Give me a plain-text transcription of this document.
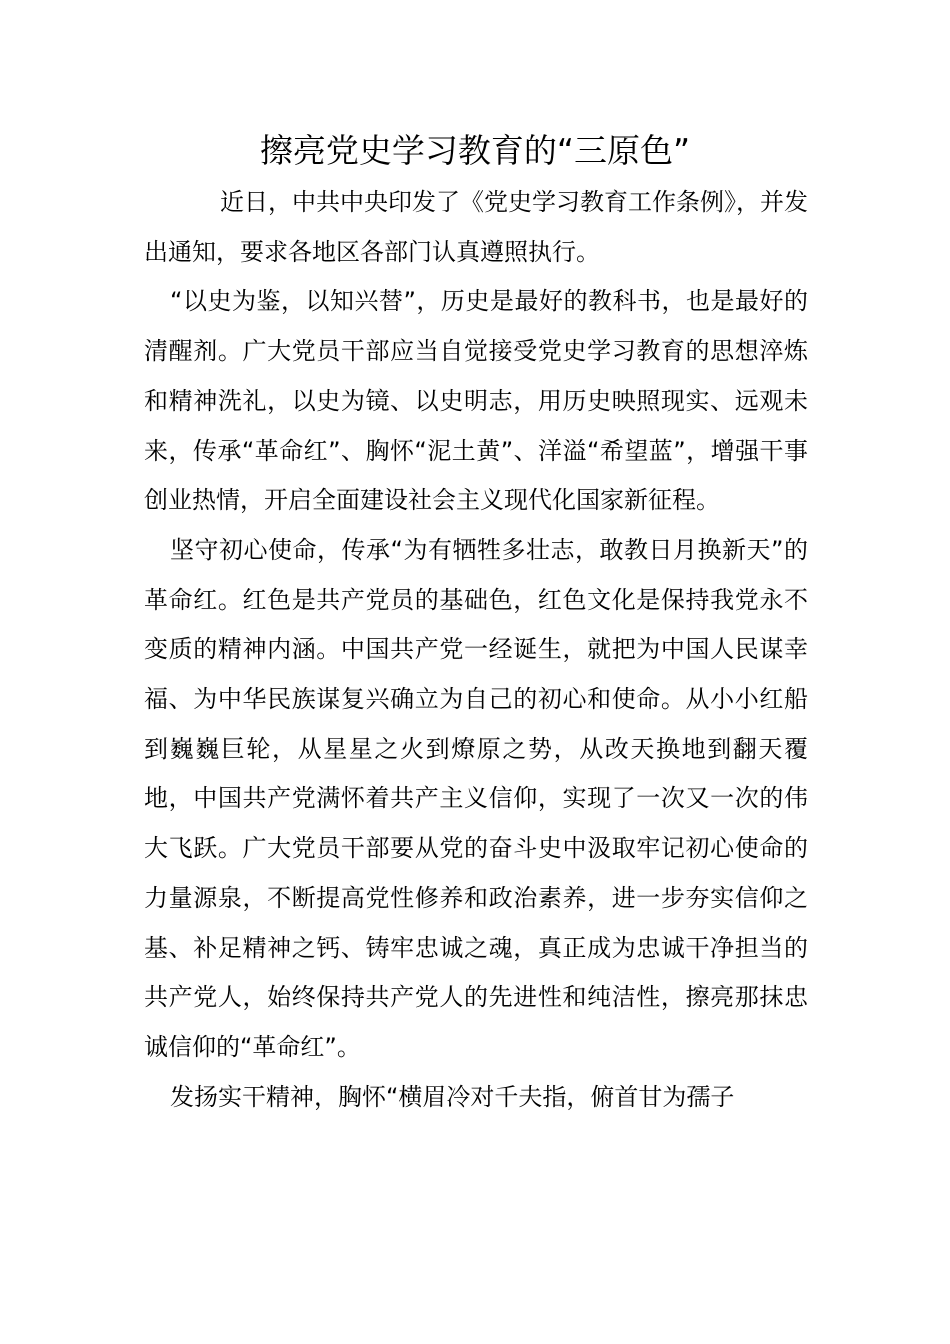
擦亮党史学习教育的“三原色”

近日，中共中央印发了《党史学习教育工作条例》，并发出通知，要求各地区各部门认真遵照执行。

“以史为鉴，以知兴替”，历史是最好的教科书，也是最好的清醒剂。广大党员干部应当自觉接受党史学习教育的思想淬炼和精神洗礼，以史为镜、以史明志，用历史映照现实、远观未来，传承“革命红”、胸怀“泥土黄”、洋溢“希望蓝”，增强干事创业热情，开启全面建设社会主义现代化国家新征程。

坚守初心使命，传承“为有牺牲多壮志，敢教日月换新天”的革命红。红色是共产党员的基础色，红色文化是保持我党永不变质的精神内涵。中国共产党一经诞生，就把为中国人民谋幸福、为中华民族谋复兴确立为自己的初心和使命。从小小红船到巍巍巨轮，从星星之火到燎原之势，从改天换地到翻天覆地，中国共产党满怀着共产主义信仰，实现了一次又一次的伟大飞跃。广大党员干部要从党的奋斗史中汲取牢记初心使命的力量源泉，不断提高党性修养和政治素养，进一步夯实信仰之基、补足精神之钙、铸牢忠诚之魂，真正成为忠诚干净担当的共产党人，始终保持共产党人的先进性和纯洁性，擦亮那抹忠诚信仰的“革命红”。

发扬实干精神，胸怀“横眉冷对千夫指，俯首甘为孺子
